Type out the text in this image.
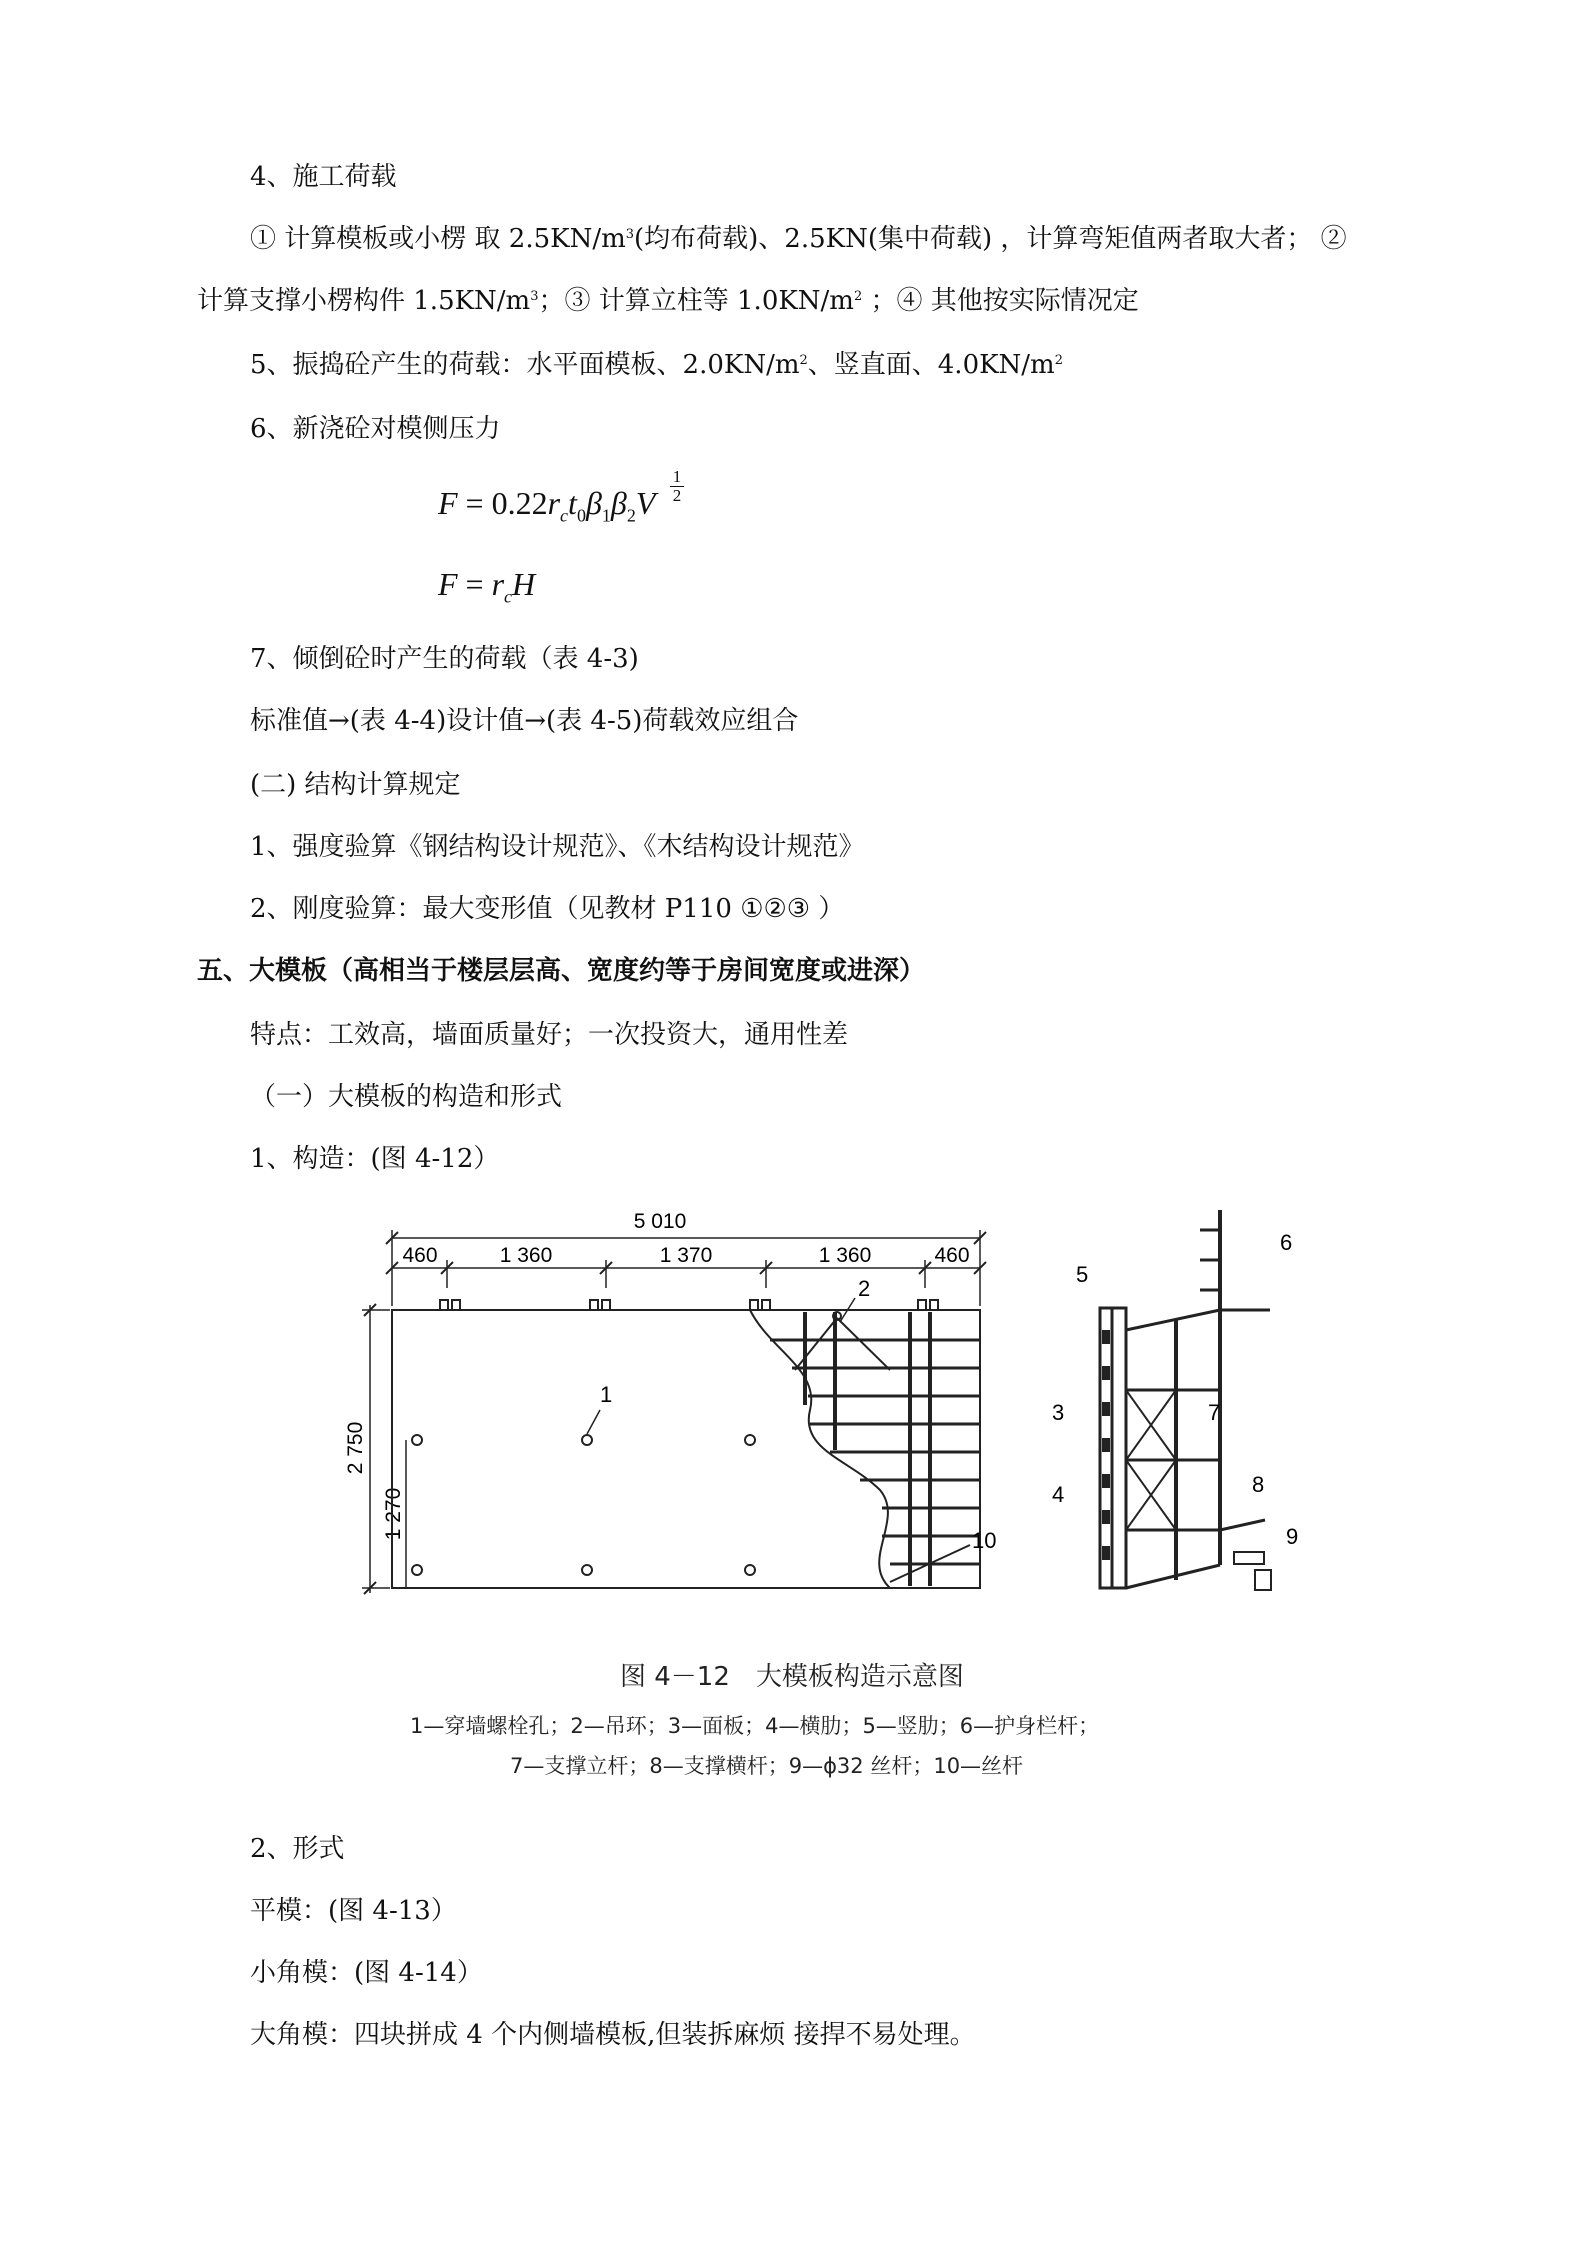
4、施工荷载
① 计算模板或小楞 取 $2.5KN/m^3$(均布荷载)、2.5KN(集中荷载) ，计算弯矩值两者取大者； ②
计算支撑小楞构件 $1.5KN/m^3$；③ 计算立柱等 $1.0KN/m^2$ ；④ 其他按实际情况定
5、振捣砼产生的荷载：水平面模板、$2.0KN/m^2$、竖直面、$4.0KN/m^2$
6、新浇砼对模侧压力
$F = 0.22r_ct_0\beta_1\beta_2V \frac{1}{2}$
$F = r_cH$
7、倾倒砼时产生的荷载（表 4-3)
标准值→(表 4-4)设计值→(表 4-5)荷载效应组合
(二) 结构计算规定
1、强度验算《钢结构设计规范》、《木结构设计规范》
2、刚度验算：最大变形值（见教材 P110 ①②③ ）
五、大模板（高相当于楼层层高、宽度约等于房间宽度或进深）
特点：工效高，墙面质量好；一次投资大，通用性差
（一）大模板的构造和形式
1、构造：(图 4-12）
5 010
460	1 360	1 370	1 360	460
2 750
1 270
1
2
10
5
6
3
4
7
8
9
图 4－12　大模板构造示意图
1—穿墙螺栓孔；2—吊环；3—面板；4—横肋；5—竖肋；6—护身栏杆；
7—支撑立杆；8—支撑横杆；9—ϕ32 丝杆；10—丝杆
2、形式
平模：(图 4-13）
小角模：(图 4-14）
大角模：四块拼成 4 个内侧墙模板,但装拆麻烦 接捍不易处理。
